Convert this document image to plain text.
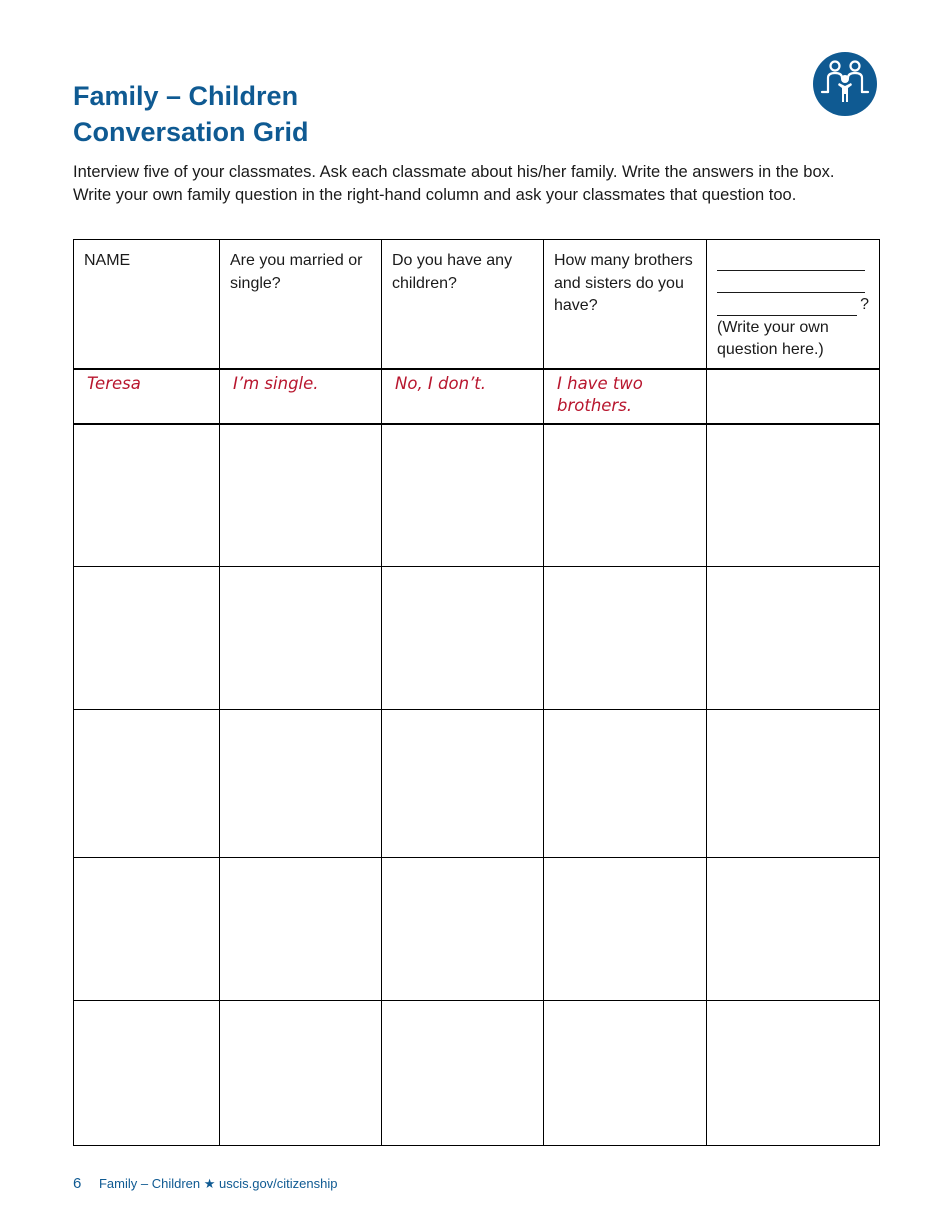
Family – Children
Conversation Grid

Interview five of your classmates. Ask each classmate about his/her family. Write the answers in the box. Write your own family question in the right-hand column and ask your classmates that question too.

NAME	Are you married or single?	Do you have any children?	How many brothers and sisters do you have?	?
(Write your own question here.)

Teresa	I’m single.	No, I don’t.	I have two brothers.	

6 Family – Children ★ uscis.gov/citizenship
